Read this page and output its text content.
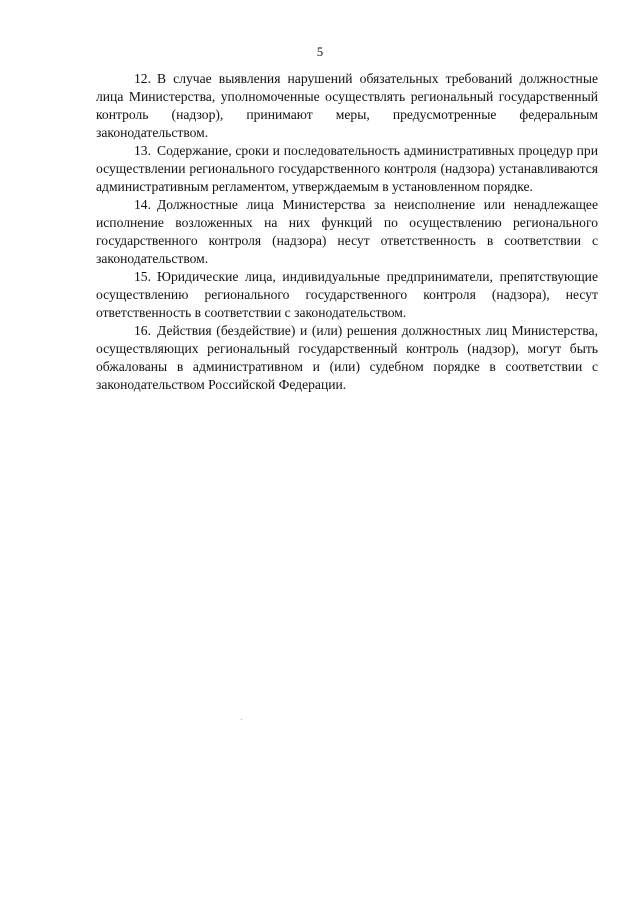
5

12. В случае выявления нарушений обязательных требований должностные лица Министерства, уполномоченные осуществлять региональный государственный контроль (надзор), принимают меры, предусмотренные федеральным законодательством.

13. Содержание, сроки и последовательность административных процедур при осуществлении регионального государственного контроля (надзора) устанавливаются административным регламентом, утверждаемым в установленном порядке.

14. Должностные лица Министерства за неисполнение или ненадлежащее исполнение возложенных на них функций по осуществлению регионального государственного контроля (надзора) несут ответственность в соответствии с законодательством.

15. Юридические лица, индивидуальные предприниматели, препятствующие осуществлению регионального государственного контроля (надзора), несут ответственность в соответствии с законодательством.

16. Действия (бездействие) и (или) решения должностных лиц Министерства, осуществляющих региональный государственный контроль (надзор), могут быть обжалованы в административном и (или) судебном порядке в соответствии с законодательством Российской Федерации.
